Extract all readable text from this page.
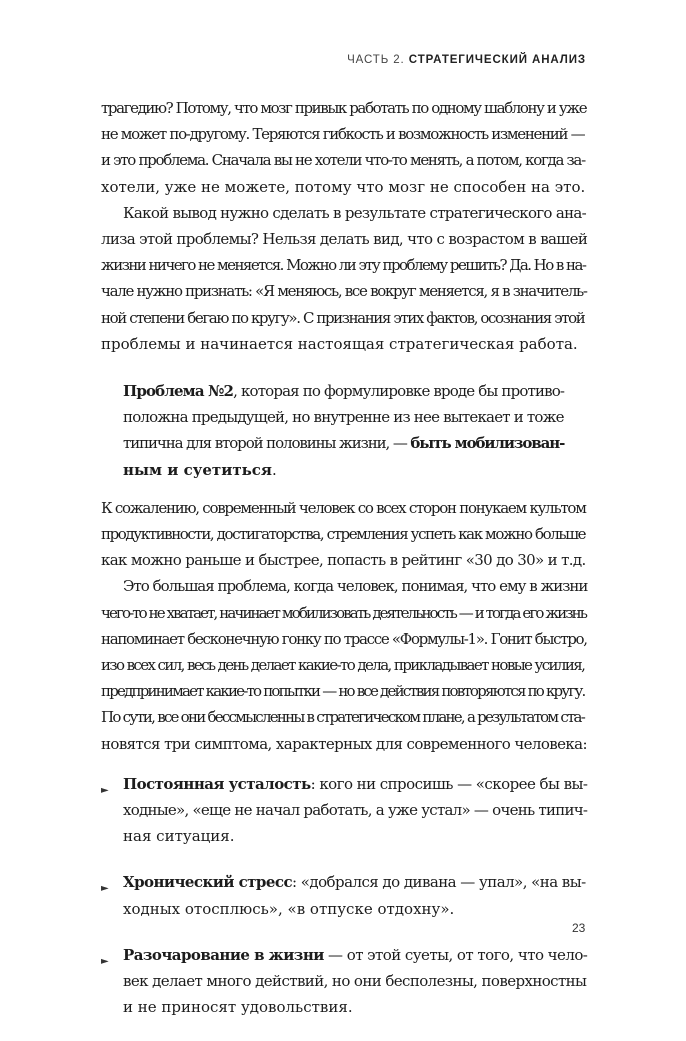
ЧАСТЬ 2. СТРАТЕГИЧЕСКИЙ АНАЛИЗ
трагедию? Потому, что мозг привык работать по одному шаблону и уже
не может по-другому. Теряются гибкость и возможность изменений —
и это проблема. Сначала вы не хотели что-то менять, а потом, когда за-
хотели, уже не можете, потому что мозг не способен на это.
Какой вывод нужно сделать в результате стратегического ана-
лиза этой проблемы? Нельзя делать вид, что с возрастом в вашей
жизни ничего не меняется. Можно ли эту проблему решить? Да. Но в на-
чале нужно признать: «Я меняюсь, все вокруг меняется, я в значитель-
ной степени бегаю по кругу». С признания этих фактов, осознания этой
проблемы и начинается настоящая стратегическая работа.
Проблема №2, которая по формулировке вроде бы противо-
положна предыдущей, но внутренне из нее вытекает и тоже
типична для второй половины жизни, — быть мобилизован-
ным и суетиться.
К сожалению, современный человек со всех сторон понукаем культом
продуктивности, достигаторства, стремления успеть как можно больше
как можно раньше и быстрее, попасть в рейтинг «30 до 30» и т.д.
Это большая проблема, когда человек, понимая, что ему в жизни
чего-то не хватает, начинает мобилизовать деятельность — и тогда его жизнь
напоминает бесконечную гонку по трассе «Формулы-1». Гонит быстро,
изо всех сил, весь день делает какие-то дела, прикладывает новые усилия,
предпринимает какие-то попытки — но все действия повторяются по кругу.
По сути, все они бессмысленны в стратегическом плане, а результатом ста-
новятся три симптома, характерных для современного человека:
► Постоянная усталость: кого ни спросишь — «скорее бы вы-
ходные», «еще не начал работать, а уже устал» — очень типич-
ная ситуация.
► Хронический стресс: «добрался до дивана — упал», «на вы-
ходных отосплюсь», «в отпуске отдохну».
► Разочарование в жизни — от этой суеты, от того, что чело-
век делает много действий, но они бесполезны, поверхностны
и не приносят удовольствия.
23
